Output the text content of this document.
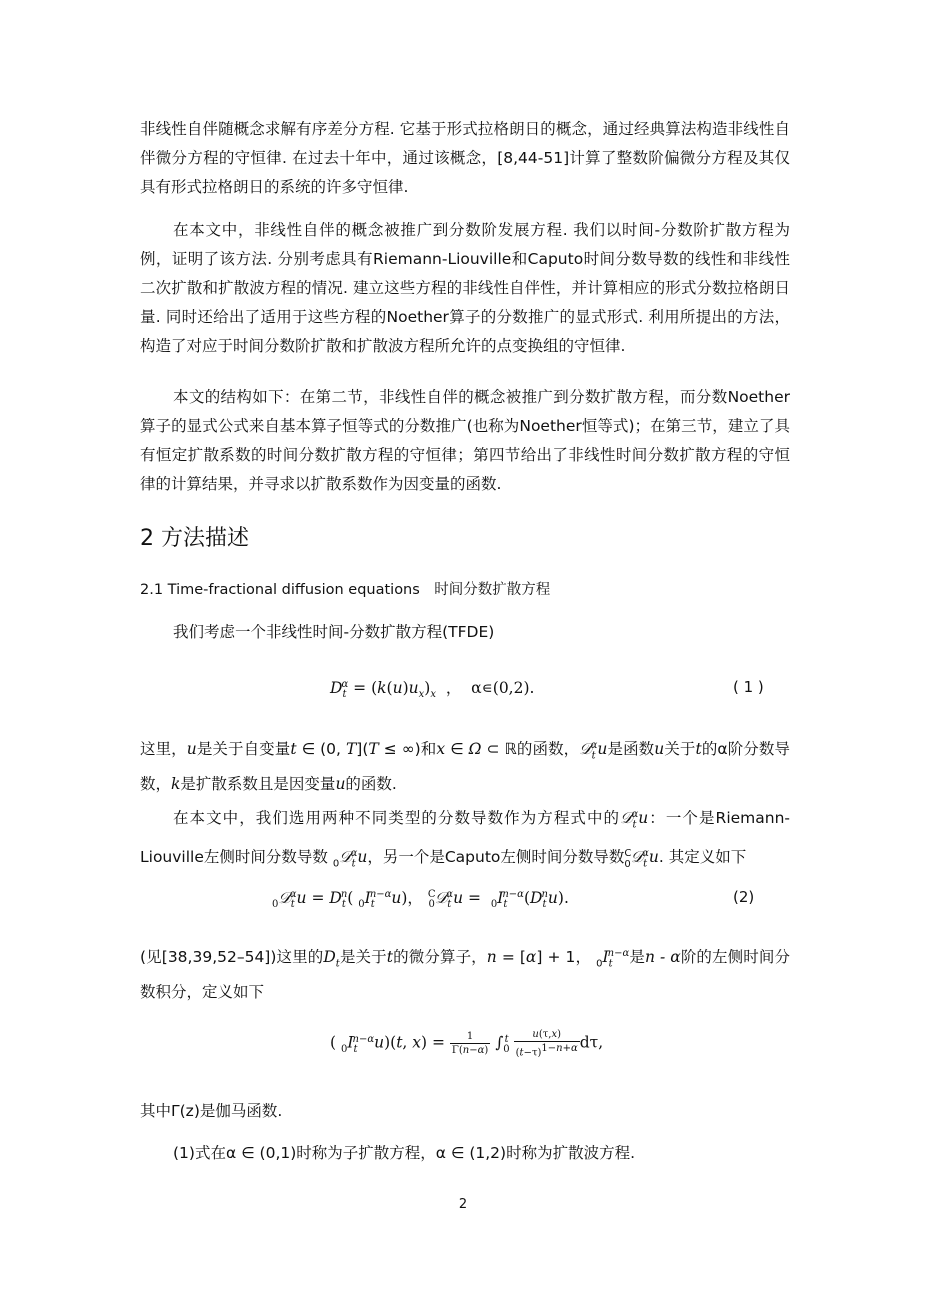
非线性自伴随概念求解有序差分方程. 它基于形式拉格朗日的概念，通过经典算法构造非线性自伴微分方程的守恒律. 在过去十年中，通过该概念，[8,44-51]计算了整数阶偏微分方程及其仅具有形式拉格朗日的系统的许多守恒律.

在本文中，非线性自伴的概念被推广到分数阶发展方程. 我们以时间-分数阶扩散方程为例，证明了该方法. 分别考虑具有Riemann-Liouville和Caputo时间分数导数的线性和非线性二次扩散和扩散波方程的情况. 建立这些方程的非线性自伴性，并计算相应的形式分数拉格朗日量. 同时还给出了适用于这些方程的Noether算子的分数推广的显式形式. 利用所提出的方法，构造了对应于时间分数阶扩散和扩散波方程所允许的点变换组的守恒律.

本文的结构如下：在第二节，非线性自伴的概念被推广到分数扩散方程，而分数Noether算子的显式公式来自基本算子恒等式的分数推广(也称为Noether恒等式)；在第三节，建立了具有恒定扩散系数的时间分数扩散方程的守恒律；第四节给出了非线性时间分数扩散方程的守恒律的计算结果，并寻求以扩散系数作为因变量的函数.

2 方法描述
2.1 Time-fractional diffusion equations　时间分数扩散方程

我们考虑一个非线性时间-分数扩散方程(TFDE)

$D_t^\alpha = (k(u)u_x)_x$  ，  α∊(0,2).	( 1 )

这里，u是关于自变量t ∈ (0, T](T ≤ ∞)和x ∈ Ω ⊂ ℝ的函数，𝒟$_t^\alpha$u是函数u关于t的α阶分数导数，k是扩散系数且是因变量u的函数.

在本文中，我们选用两种不同类型的分数导数作为方程式中的𝒟$_t^\alpha$u：一个是Riemann-Liouville左侧时间分数导数 $_0$𝒟$_t^\alpha$u，另一个是Caputo左侧时间分数导数$^C_0$𝒟$_t^\alpha$u. 其定义如下

$_0$𝒟$_t^\alpha$u = $D_t^n$( $_0I_t^{n-\alpha}u$)， $^C_0$𝒟$_t^\alpha$u =  $_0I_t^{n-\alpha}(D_t^nu)$.	(2)

(见[38,39,52–54])这里的$D_t$是关于t的微分算子，n = [α] + 1， $_0I_t^{n-\alpha}$是n - α阶的左侧时间分数积分，定义如下

( $_0I_t^{n-\alpha}u)(t$, $x) = \frac{1}{\Gamma(n-\alpha)} \int_0^t \frac{u(\tau,x)}{(t-\tau)^{1-n+\alpha}} d\tau$,

其中Γ(z)是伽马函数.

(1)式在α ∈ (0,1)时称为子扩散方程，α ∈ (1,2)时称为扩散波方程.

2
